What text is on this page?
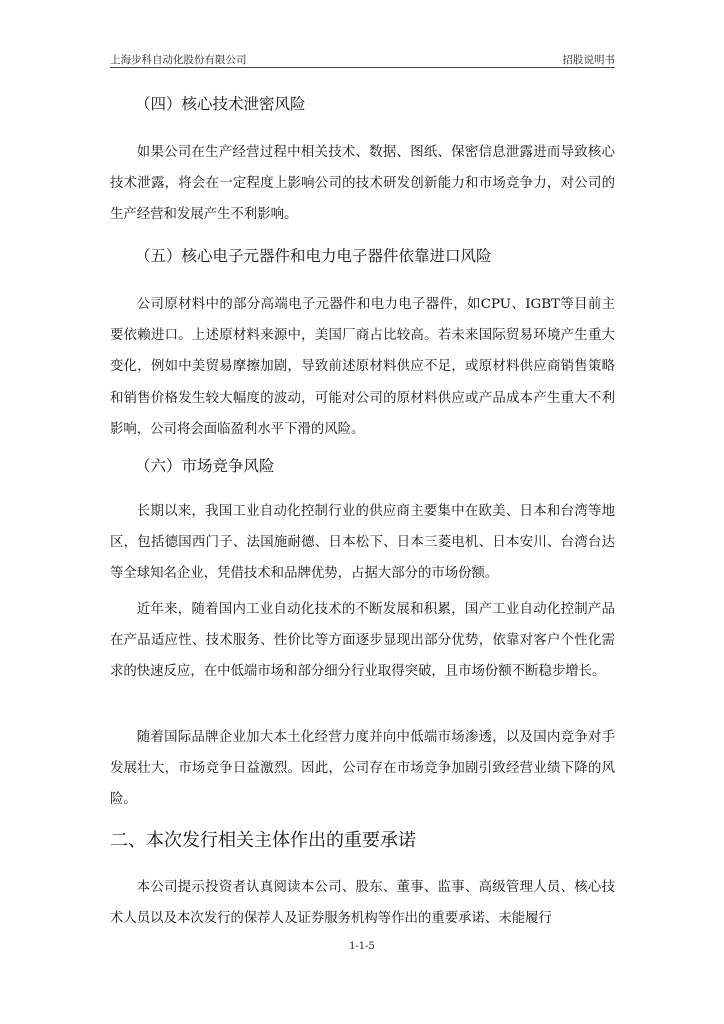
上海步科自动化股份有限公司	招股说明书
（四）核心技术泄密风险

如果公司在生产经营过程中相关技术、数据、图纸、保密信息泄露进而导致核心技术泄露，将会在一定程度上影响公司的技术研发创新能力和市场竞争力，对公司的生产经营和发展产生不利影响。

（五）核心电子元器件和电力电子器件依靠进口风险

公司原材料中的部分高端电子元器件和电力电子器件，如CPU、IGBT等目前主要依赖进口。上述原材料来源中，美国厂商占比较高。若未来国际贸易环境产生重大变化，例如中美贸易摩擦加剧，导致前述原材料供应不足，或原材料供应商销售策略和销售价格发生较大幅度的波动，可能对公司的原材料供应或产品成本产生重大不利影响，公司将会面临盈利水平下滑的风险。

（六）市场竞争风险

长期以来，我国工业自动化控制行业的供应商主要集中在欧美、日本和台湾等地区，包括德国西门子、法国施耐德、日本松下、日本三菱电机、日本安川、台湾台达等全球知名企业，凭借技术和品牌优势，占据大部分的市场份额。

近年来，随着国内工业自动化技术的不断发展和积累，国产工业自动化控制产品在产品适应性、技术服务、性价比等方面逐步显现出部分优势，依靠对客户个性化需求的快速反应，在中低端市场和部分细分行业取得突破，且市场份额不断稳步增长。

随着国际品牌企业加大本土化经营力度并向中低端市场渗透，以及国内竞争对手发展壮大，市场竞争日益激烈。因此，公司存在市场竞争加剧引致经营业绩下降的风险。

二、本次发行相关主体作出的重要承诺

本公司提示投资者认真阅读本公司、股东、董事、监事、高级管理人员、核心技术人员以及本次发行的保荐人及证券服务机构等作出的重要承诺、未能履行

1-1-5
